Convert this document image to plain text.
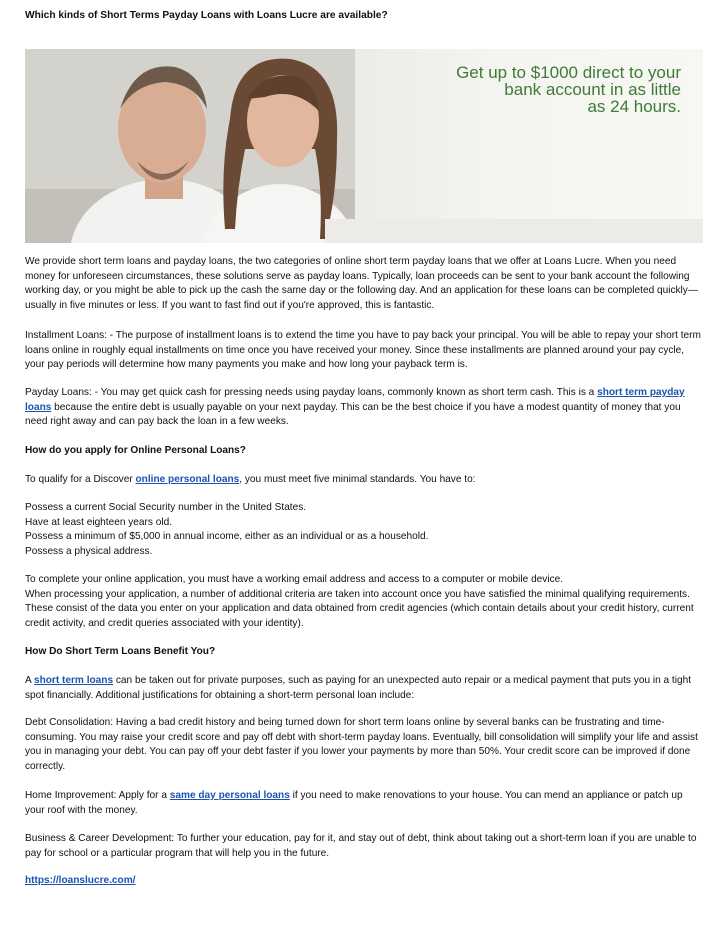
Which kinds of Short Terms Payday Loans with Loans Lucre are available?
Get up to $1000 direct to your
bank account in as little
as 24 hours.

We provide short term loans and payday loans, the two categories of online short term payday loans that we offer at Loans Lucre. When you need money for unforeseen circumstances, these solutions serve as payday loans. Typically, loan proceeds can be sent to your bank account the following working day, or you might be able to pick up the cash the same day or the following day. And an application for these loans can be completed quickly—usually in five minutes or less. If you want to fast find out if you're approved, this is fantastic.

Installment Loans: - The purpose of installment loans is to extend the time you have to pay back your principal. You will be able to repay your short term loans online in roughly equal installments on time once you have received your money. Since these installments are planned around your pay cycle, your pay periods will determine how many payments you make and how long your payback term is.

Payday Loans: - You may get quick cash for pressing needs using payday loans, commonly known as short term cash. This is a short term payday loans because the entire debt is usually payable on your next payday. This can be the best choice if you have a modest quantity of money that you need right away and can pay back the loan in a few weeks.

How do you apply for Online Personal Loans?

To qualify for a Discover online personal loans, you must meet five minimal standards. You have to:

Possess a current Social Security number in the United States.
Have at least eighteen years old.
Possess a minimum of $5,000 in annual income, either as an individual or as a household.
Possess a physical address.
To complete your online application, you must have a working email address and access to a computer or mobile device.
When processing your application, a number of additional criteria are taken into account once you have satisfied the minimal qualifying requirements. These consist of the data you enter on your application and data obtained from credit agencies (which contain details about your credit history, current credit activity, and credit queries associated with your identity).
How Do Short Term Loans Benefit You?

A short term loans can be taken out for private purposes, such as paying for an unexpected auto repair or a medical payment that puts you in a tight spot financially. Additional justifications for obtaining a short-term personal loan include:

Debt Consolidation: Having a bad credit history and being turned down for short term loans online by several banks can be frustrating and time-consuming. You may raise your credit score and pay off debt with short-term payday loans. Eventually, bill consolidation will simplify your life and assist you in managing your debt. You can pay off your debt faster if you lower your payments by more than 50%. Your credit score can be improved if done correctly.

Home Improvement: Apply for a same day personal loans if you need to make renovations to your house. You can mend an appliance or patch up your roof with the money.

Business & Career Development: To further your education, pay for it, and stay out of debt, think about taking out a short-term loan if you are unable to pay for school or a particular program that will help you in the future.

https://loanslucre.com/
